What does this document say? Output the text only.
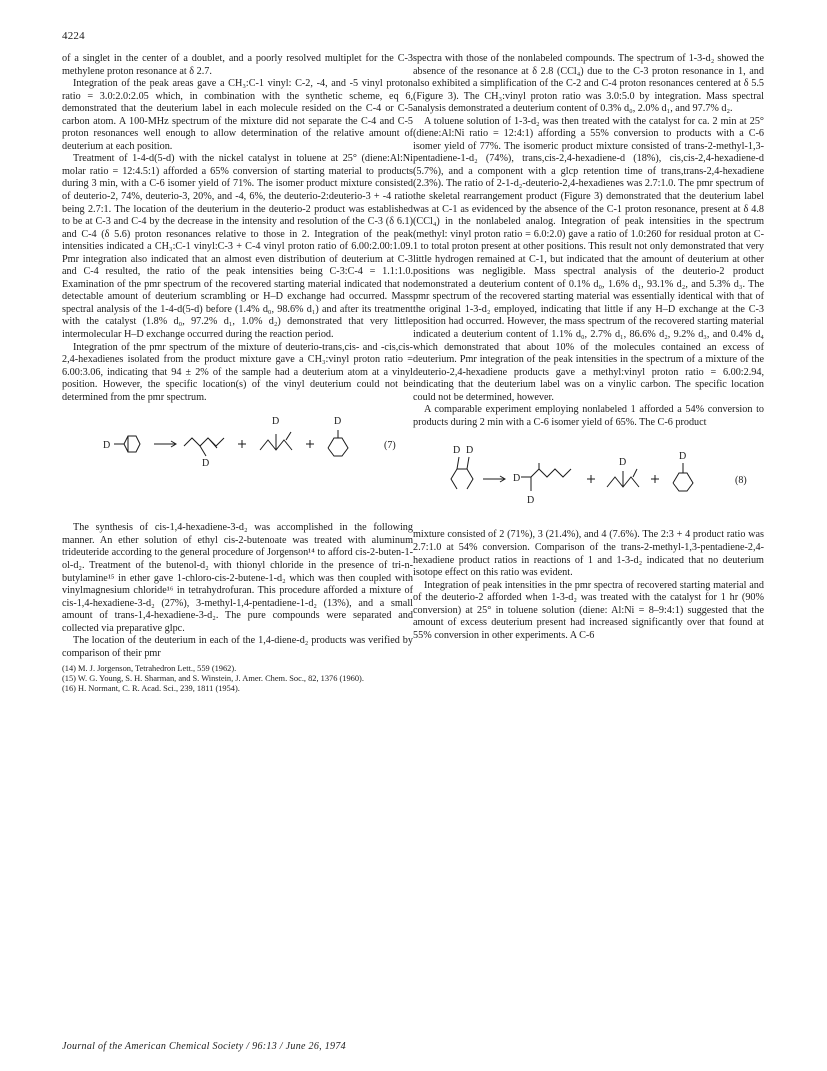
4224

of a singlet in the center of a doublet, and a poorly resolved multiplet for the C-3 methylene proton resonance at δ 2.7.

Integration of the peak areas gave a CH₃:C-1 vinyl: C-2, -4, and -5 vinyl proton ratio = 3.0:2.0:2.05 which, in combination with the synthetic scheme, eq 6, demonstrated that the deuterium label in each molecule resided on the C-4 or C-5 carbon atom. A 100-MHz spectrum of the mixture did not separate the C-4 and C-5 proton resonances well enough to allow determination of the relative amount of deuterium at each position.

Treatment of 1-4-d(5-d) with the nickel catalyst in toluene at 25° (diene:Al:Ni molar ratio = 12:4.5:1) afforded a 65% conversion of starting material to products during 3 min, with a C-6 isomer yield of 71%. The isomer product mixture consisted of deuterio-2, 74%, deuterio-3, 20%, and -4, 6%, the deuterio-2:deuterio-3 + -4 ratio being 2.7:1. The location of the deuterium in the deuterio-2 product was established to be at C-3 and C-4 by the decrease in the intensity and resolution of the C-3 (δ 6.1) and C-4 (δ 5.6) proton resonances relative to those in 2. Integration of the peak intensities indicated a CH₃:C-1 vinyl:C-3 + C-4 vinyl proton ratio of 6.00:2.00:1.09. Pmr integration also indicated that an almost even distribution of deuterium at C-3 and C-4 resulted, the ratio of the peak intensities being C-3:C-4 = 1.1:1.0. Examination of the pmr spectrum of the recovered starting material indicated that no detectable amount of deuterium scrambling or H–D exchange had occurred. Mass spectral analysis of the 1-4-d(5-d) before (1.4% d₀, 98.6% d₁) and after its treatment with the catalyst (1.8% d₀, 97.2% d₁, 1.0% d₂) demonstrated that very little intermolecular H–D exchange occurred during the reaction period.

Integration of the pmr spectrum of the mixture of deuterio-trans,cis- and -cis,cis-2,4-hexadienes isolated from the product mixture gave a CH₃:vinyl proton ratio = 6.00:3.06, indicating that 94 ± 2% of the sample had a deuterium atom at a vinyl position. However, the specific location(s) of the vinyl deuterium could not be determined from the pmr spectrum.

D
D
D	D
(7)

The synthesis of cis-1,4-hexadiene-3-d₂ was accomplished in the following manner. An ether solution of ethyl cis-2-butenoate was treated with aluminum trideuteride according to the general procedure of Jorgenson¹⁴ to afford cis-2-buten-1-ol-d₂. Treatment of the butenol-d₂ with thionyl chloride in the presence of tri-n-butylamine¹⁵ in ether gave 1-chloro-cis-2-butene-1-d₂ which was then coupled with vinylmagnesium chloride¹⁶ in tetrahydrofuran. This procedure afforded a mixture of cis-1,4-hexadiene-3-d₂ (27%), 3-methyl-1,4-pentadiene-1-d₂ (13%), and a small amount of trans-1,4-hexadiene-3-d₂. The pure compounds were separated and collected via preparative glpc.

The location of the deuterium in each of the 1,4-diene-d₂ products was verified by comparison of their pmr

(14) M. J. Jorgenson, Tetrahedron Lett., 559 (1962).

(15) W. G. Young, S. H. Sharman, and S. Winstein, J. Amer. Chem. Soc., 82, 1376 (1960).

(16) H. Normant, C. R. Acad. Sci., 239, 1811 (1954).

spectra with those of the nonlabeled compounds. The spectrum of 1-3-d₂ showed the absence of the resonance at δ 2.8 (CCl₄) due to the C-3 proton resonance in 1, and also exhibited a simplification of the C-2 and C-4 proton resonances centered at δ 5.5 (Figure 3). The CH₃:vinyl proton ratio was 3.0:5.0 by integration. Mass spectral analysis demonstrated a deuterium content of 0.3% d₀, 2.0% d₁, and 97.7% d₂.

A toluene solution of 1-3-d₂ was then treated with the catalyst for ca. 2 min at 25° (diene:Al:Ni ratio = 12:4:1) affording a 55% conversion to products with a C-6 isomer yield of 77%. The isomeric product mixture consisted of trans-2-methyl-1,3-pentadiene-1-d₂ (74%), trans,cis-2,4-hexadiene-d (18%), cis,cis-2,4-hexadiene-d (5.7%), and a component with a glcp retention time of trans,trans-2,4-hexadiene (2.3%). The ratio of 2-1-d₂-deuterio-2,4-hexadienes was 2.7:1.0. The pmr spectrum of the skeletal rearrangement product (Figure 3) demonstrated that the deuterium label was at C-1 as evidenced by the absence of the C-1 proton resonance, present at δ 4.8 (CCl₄) in the nonlabeled analog. Integration of peak intensities in the spectrum (methyl: vinyl proton ratio = 6.0:2.0) gave a ratio of 1.0:260 for residual proton at C-1 to total proton present at other positions. This result not only demonstrated that very little hydrogen remained at C-1, but indicated that the amount of deuterium at other positions was negligible. Mass spectral analysis of the deuterio-2 product demonstrated a deuterium content of 0.1% d₀, 1.6% d₁, 93.1% d₂, and 5.3% d₃. The pmr spectrum of the recovered starting material was essentially identical with that of the original 1-3-d₂ employed, indicating that little if any H–D exchange at the C-3 position had occurred. However, the mass spectrum of the recovered starting material indicated a deuterium content of 1.1% d₀, 2.7% d₁, 86.6% d₂, 9.2% d₃, and 0.4% d₄ which demonstrated that about 10% of the molecules contained an excess of deuterium. Pmr integration of the peak intensities in the spectrum of a mixture of the deuterio-2,4-hexadiene products gave a methyl:vinyl proton ratio = 6.00:2.94, indicating that the deuterium label was on a vinylic carbon. The specific location could not be determined, however.

A comparable experiment employing nonlabeled 1 afforded a 54% conversion to products during 2 min with a C-6 isomer yield of 65%. The C-6 product

D D
D
D
D
D
(8)

mixture consisted of 2 (71%), 3 (21.4%), and 4 (7.6%). The 2:3 + 4 product ratio was 2.7:1.0 at 54% conversion. Comparison of the trans-2-methyl-1,3-pentadiene-2,4-hexadiene product ratios in reactions of 1 and 1-3-d₂ indicated that no deuterium isotope effect on this ratio was evident.

Integration of peak intensities in the pmr spectra of recovered starting material and of the deuterio-2 afforded when 1-3-d₂ was treated with the catalyst for 1 hr (90% conversion) at 25° in toluene solution (diene: Al:Ni = 8–9:4:1) suggested that the amount of excess deuterium present had increased significantly over that found at 55% conversion in other experiments. A C-6

Journal of the American Chemical Society / 96:13 / June 26, 1974
